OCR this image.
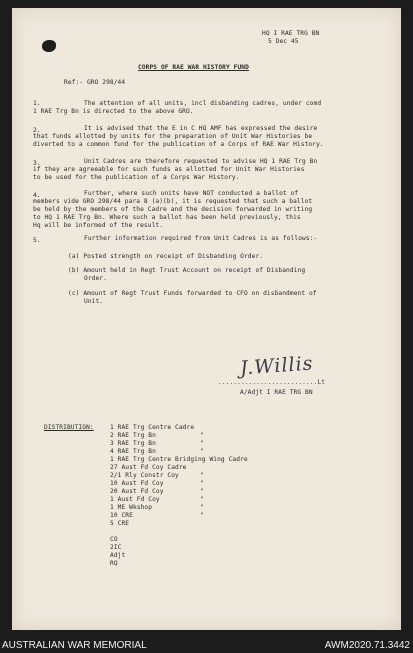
HQ I RAE TRG BN
5 Dec 45
CORPS OF RAE WAR HISTORY FUND
Ref:- GRO 298/44
1.	The attention of all units, incl disbanding cadres, under comd
1 RAE Trg Bn is directed to the above GRO.
2.	It is advised that the E in C HQ AMF has expressed the desire
that funds allotted by units for the preparation of Unit War Histories be
diverted to a common fund for the publication of a Corps of RAE War History.
3.	Unit Cadres are therefore requested to advise HQ 1 RAE Trg Bn
if they are agreeable for such funds as allotted for Unit War Histories
to be used for the publication of a Corps War History.
4.	Further, where such units have NOT conducted a ballot of
members vide GRO 298/44 para 8 (a)(b), it is requested that such a ballot
be held by the members of the Cadre and the decision forwarded in writing
to HQ 1 RAE Trg Bn. Where such a ballot has been held previously, this
Hq will be informed of the result.
5.	Further information required from Unit Cadres is as follows:-
(a) Posted strength on receipt of Disbanding Order.
(b) Amount held in Regt Trust Account on receipt of Disbanding
Order.
(c) Amount of Regt Trust Funds forwarded to CFO on disbandment of
Unit.
J.Willis
..........................Lt
A/Adjt I RAE TRG BN
DISTRIBUTION:	1 RAE Trg Centre Cadre
2 RAE Trg Bn	"
3 RAE Trg Bn	"
4 RAE Trg Bn	"
1 RAE Trg Centre Bridging Wing Cadre
27 Aust Fd Coy Cadre
2/1 Rly Constr Coy	"
10 Aust Fd Coy	"
20 Aust Fd Coy	"
1 Aust Fd Coy	"
1 ME Wkshop	"
10 CRE	"
5 CRE
CO
2IC
Adjt
RQ
AUSTRALIAN WAR MEMORIAL	AWM2020.71.3442
